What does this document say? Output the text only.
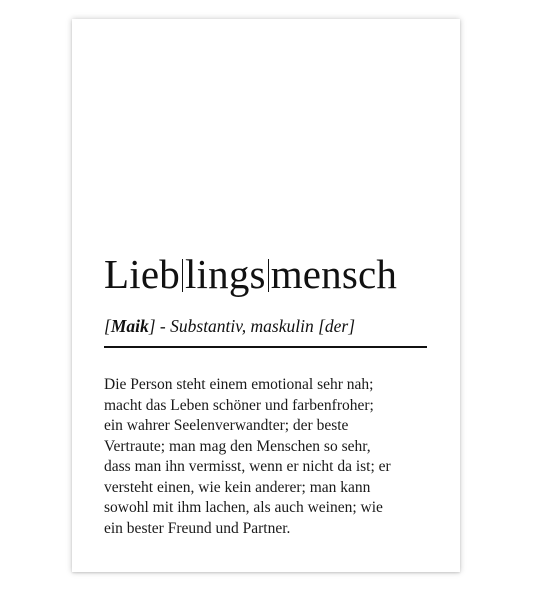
Lieb lings mensch

[Maik] - Substantiv, maskulin [der]

Die Person steht einem emotional sehr nah;
macht das Leben schöner und farbenfroher;
ein wahrer Seelenverwandter; der beste
Vertraute; man mag den Menschen so sehr,
dass man ihn vermisst, wenn er nicht da ist; er
versteht einen, wie kein anderer; man kann
sowohl mit ihm lachen, als auch weinen; wie
ein bester Freund und Partner.
